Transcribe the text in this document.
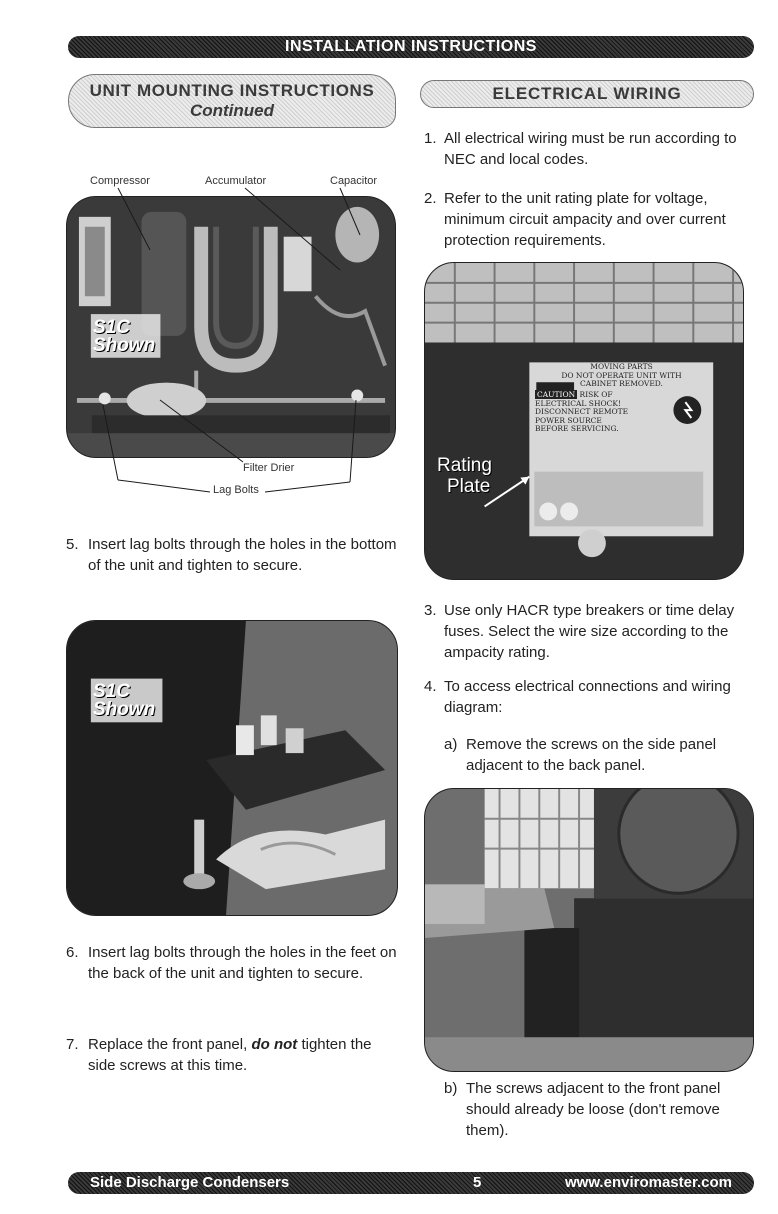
INSTALLATION INSTRUCTIONS
UNIT MOUNTING INSTRUCTIONS
Continued
ELECTRICAL WIRING
Compressor	Accumulator	Capacitor
S1C
Shown
Filter Drier
Lag Bolts
5. Insert lag bolts through the holes in the bottom of the unit and tighten to secure.
S1C
Shown
6. Insert lag bolts through the holes in the feet on the back of the unit and tighten to secure.
7. Replace the front panel, do not tighten the side screws at this time.
1. All electrical wiring must be run according to NEC and local codes.
2. Refer to the unit rating plate for voltage, minimum circuit ampacity and over current protection requirements.
MOVING PARTS
DO NOT OPERATE UNIT WITH
CABINET REMOVED.
CAUTION RISK OF
ELECTRICAL SHOCK!
DISCONNECT REMOTE
POWER SOURCE
BEFORE SERVICING.
Rating
Plate
3. Use only HACR type breakers or time delay fuses. Select the wire size according to the ampacity rating.
4. To access electrical connections and wiring diagram:
a) Remove the screws on the side panel adjacent to the back panel.
b) The screws adjacent to the front panel should already be loose (don't remove them).
Side Discharge Condensers	5	www.enviromaster.com
